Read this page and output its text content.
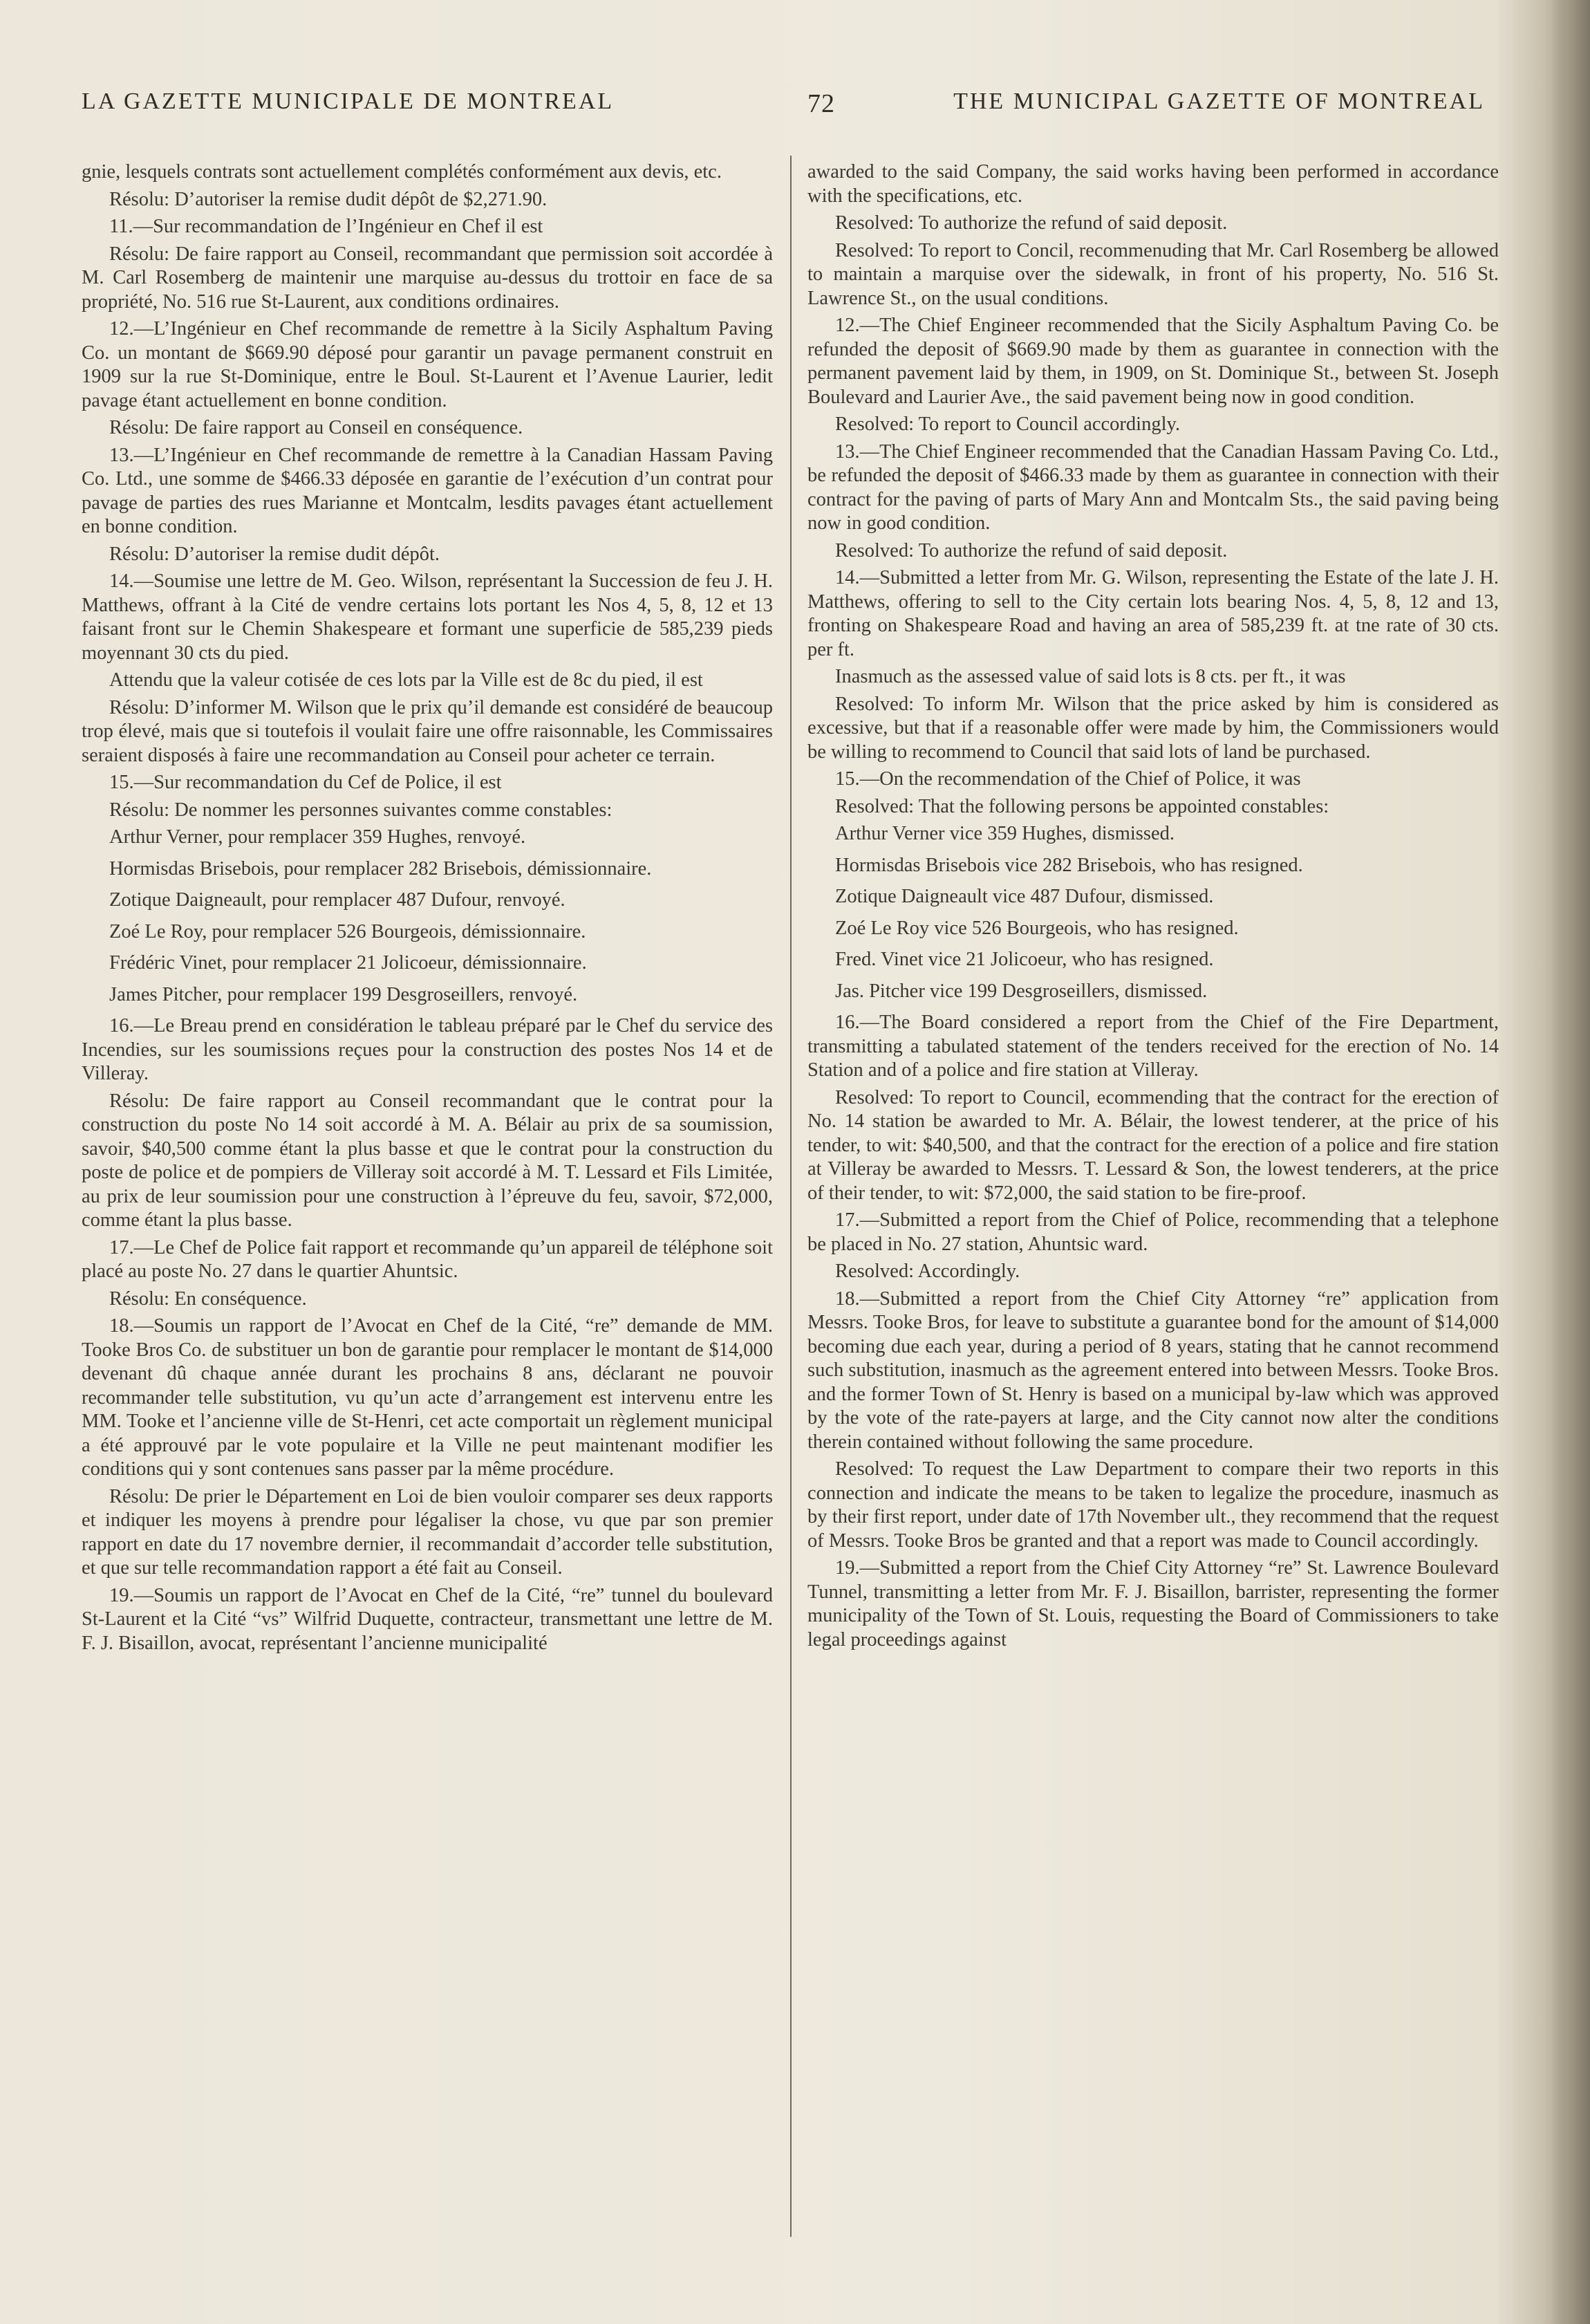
LA GAZETTE MUNICIPALE DE MONTREAL	72	THE MUNICIPAL GAZETTE OF MONTREAL

gnie, lesquels contrats sont actuellement complétés conformément aux devis, etc.

Résolu: D’autoriser la remise dudit dépôt de $2,271.90.

11.—Sur recommandation de l’Ingénieur en Chef il est

Résolu: De faire rapport au Conseil, recommandant que permission soit accordée à M. Carl Rosemberg de maintenir une marquise au-dessus du trottoir en face de sa propriété, No. 516 rue St-Laurent, aux conditions ordinaires.

12.—L’Ingénieur en Chef recommande de remettre à la Sicily Asphaltum Paving Co. un montant de $669.90 déposé pour garantir un pavage permanent construit en 1909 sur la rue St-Dominique, entre le Boul. St-Laurent et l’Avenue Laurier, ledit pavage étant actuellement en bonne condition.

Résolu: De faire rapport au Conseil en conséquence.

13.—L’Ingénieur en Chef recommande de remettre à la Canadian Hassam Paving Co. Ltd., une somme de $466.33 déposée en garantie de l’exécution d’un contrat pour pavage de parties des rues Marianne et Montcalm, lesdits pavages étant actuellement en bonne condition.

Résolu: D’autoriser la remise dudit dépôt.

14.—Soumise une lettre de M. Geo. Wilson, représentant la Succession de feu J. H. Matthews, offrant à la Cité de vendre certains lots portant les Nos 4, 5, 8, 12 et 13 faisant front sur le Chemin Shakespeare et formant une superficie de 585,239 pieds moyennant 30 cts du pied.

Attendu que la valeur cotisée de ces lots par la Ville est de 8c du pied, il est

Résolu: D’informer M. Wilson que le prix qu’il demande est considéré de beaucoup trop élevé, mais que si toutefois il voulait faire une offre raisonnable, les Commissaires seraient disposés à faire une recommandation au Conseil pour acheter ce terrain.

15.—Sur recommandation du Cef de Police, il est

Résolu: De nommer les personnes suivantes comme constables:

Arthur Verner, pour remplacer 359 Hughes, renvoyé.

Hormisdas Brisebois, pour remplacer 282 Brisebois, démissionnaire.

Zotique Daigneault, pour remplacer 487 Dufour, renvoyé.

Zoé Le Roy, pour remplacer 526 Bourgeois, démissionnaire.

Frédéric Vinet, pour remplacer 21 Jolicoeur, démissionnaire.

James Pitcher, pour remplacer 199 Desgroseillers, renvoyé.

16.—Le Breau prend en considération le tableau préparé par le Chef du service des Incendies, sur les soumissions reçues pour la construction des postes Nos 14 et de Villeray.

Résolu: De faire rapport au Conseil recommandant que le contrat pour la construction du poste No 14 soit accordé à M. A. Bélair au prix de sa soumission, savoir, $40,500 comme étant la plus basse et que le contrat pour la construction du poste de police et de pompiers de Villeray soit accordé à M. T. Lessard et Fils Limitée, au prix de leur soumission pour une construction à l’épreuve du feu, savoir, $72,000, comme étant la plus basse.

17.—Le Chef de Police fait rapport et recommande qu’un appareil de téléphone soit placé au poste No. 27 dans le quartier Ahuntsic.

Résolu: En conséquence.

18.—Soumis un rapport de l’Avocat en Chef de la Cité, “re” demande de MM. Tooke Bros Co. de substituer un bon de garantie pour remplacer le montant de $14,000 devenant dû chaque année durant les prochains 8 ans, déclarant ne pouvoir recommander telle substitution, vu qu’un acte d’arrangement est intervenu entre les MM. Tooke et l’ancienne ville de St-Henri, cet acte comportait un règlement municipal a été approuvé par le vote populaire et la Ville ne peut maintenant modifier les conditions qui y sont contenues sans passer par la même procédure.

Résolu: De prier le Département en Loi de bien vouloir comparer ses deux rapports et indiquer les moyens à prendre pour légaliser la chose, vu que par son premier rapport en date du 17 novembre dernier, il recommandait d’accorder telle substitution, et que sur telle recommandation rapport a été fait au Conseil.

19.—Soumis un rapport de l’Avocat en Chef de la Cité, “re” tunnel du boulevard St-Laurent et la Cité “vs” Wilfrid Duquette, contracteur, transmettant une lettre de M. F. J. Bisaillon, avocat, représentant l’ancienne municipalité

awarded to the said Company, the said works having been performed in accordance with the specifications, etc.

Resolved: To authorize the refund of said deposit.

Resolved: To report to Concil, recommenuding that Mr. Carl Rosemberg be allowed to maintain a marquise over the sidewalk, in front of his property, No. 516 St. Lawrence St., on the usual conditions.

12.—The Chief Engineer recommended that the Sicily Asphaltum Paving Co. be refunded the deposit of $669.90 made by them as guarantee in connection with the permanent pavement laid by them, in 1909, on St. Dominique St., between St. Joseph Boulevard and Laurier Ave., the said pavement being now in good condition.

Resolved: To report to Council accordingly.

13.—The Chief Engineer recommended that the Canadian Hassam Paving Co. Ltd., be refunded the deposit of $466.33 made by them as guarantee in connection with their contract for the paving of parts of Mary Ann and Montcalm Sts., the said paving being now in good condition.

Resolved: To authorize the refund of said deposit.

14.—Submitted a letter from Mr. G. Wilson, representing the Estate of the late J. H. Matthews, offering to sell to the City certain lots bearing Nos. 4, 5, 8, 12 and 13, fronting on Shakespeare Road and having an area of 585,239 ft. at tne rate of 30 cts. per ft.

Inasmuch as the assessed value of said lots is 8 cts. per ft., it was

Resolved: To inform Mr. Wilson that the price asked by him is considered as excessive, but that if a reasonable offer were made by him, the Commissioners would be willing to recommend to Council that said lots of land be purchased.

15.—On the recommendation of the Chief of Police, it was

Resolved: That the following persons be appointed constables:

Arthur Verner vice 359 Hughes, dismissed.

Hormisdas Brisebois vice 282 Brisebois, who has resigned.

Zotique Daigneault vice 487 Dufour, dismissed.

Zoé Le Roy vice 526 Bourgeois, who has resigned.

Fred. Vinet vice 21 Jolicoeur, who has resigned.

Jas. Pitcher vice 199 Desgroseillers, dismissed.

16.—The Board considered a report from the Chief of the Fire Department, transmitting a tabulated statement of the tenders received for the erection of No. 14 Station and of a police and fire station at Villeray.

Resolved: To report to Council, ecommending that the contract for the erection of No. 14 station be awarded to Mr. A. Bélair, the lowest tenderer, at the price of his tender, to wit: $40,500, and that the contract for the erection of a police and fire station at Villeray be awarded to Messrs. T. Lessard & Son, the lowest tenderers, at the price of their tender, to wit: $72,000, the said station to be fire-proof.

17.—Submitted a report from the Chief of Police, recommending that a telephone be placed in No. 27 station, Ahuntsic ward.

Resolved: Accordingly.

18.—Submitted a report from the Chief City Attorney “re” application from Messrs. Tooke Bros, for leave to substitute a guarantee bond for the amount of $14,000 becoming due each year, during a period of 8 years, stating that he cannot recommend such substitution, inasmuch as the agreement entered into between Messrs. Tooke Bros. and the former Town of St. Henry is based on a municipal by-law which was approved by the vote of the rate-payers at large, and the City cannot now alter the conditions therein contained without following the same procedure.

Resolved: To request the Law Department to compare their two reports in this connection and indicate the means to be taken to legalize the procedure, inasmuch as by their first report, under date of 17th November ult., they recommend that the request of Messrs. Tooke Bros be granted and that a report was made to Council accordingly.

19.—Submitted a report from the Chief City Attorney “re” St. Lawrence Boulevard Tunnel, transmitting a letter from Mr. F. J. Bisaillon, barrister, representing the former municipality of the Town of St. Louis, requesting the Board of Commissioners to take legal proceedings against
